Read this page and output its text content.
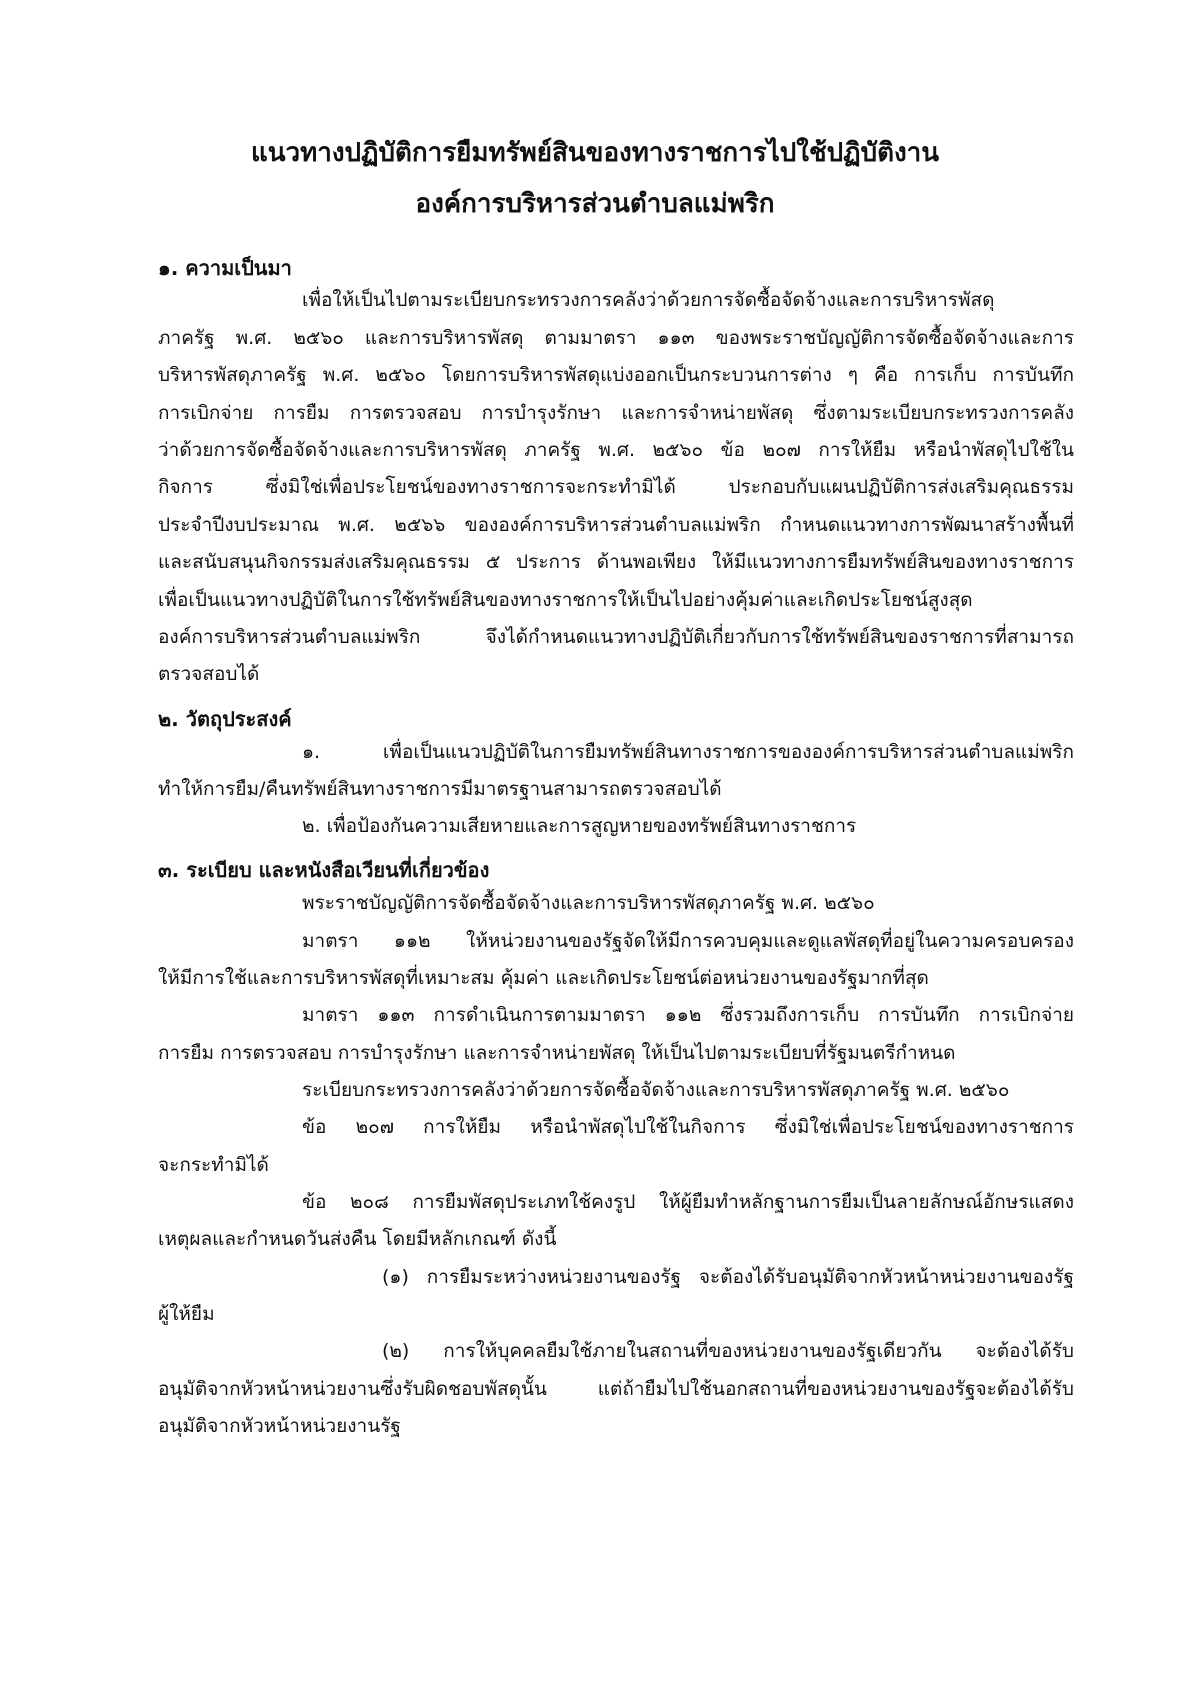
แนวทางปฏิบัติการยืมทรัพย์สินของทางราชการไปใช้ปฏิบัติงาน
องค์การบริหารส่วนตำบลแม่พริก
๑. ความเป็นมา
เพื่อให้เป็นไปตามระเบียบกระทรวงการคลังว่าด้วยการจัดซื้อจัดจ้างและการบริหารพัสดุ
ภาครัฐ พ.ศ. ๒๕๖๐ และการบริหารพัสดุ ตามมาตรา ๑๑๓ ของพระราชบัญญัติการจัดซื้อจัดจ้างและการ
บริหารพัสดุภาครัฐ พ.ศ. ๒๕๖๐ โดยการบริหารพัสดุแบ่งออกเป็นกระบวนการต่าง ๆ คือ การเก็บ การบันทึก
การเบิกจ่าย การยืม การตรวจสอบ การบำรุงรักษา และการจำหน่ายพัสดุ ซึ่งตามระเบียบกระทรวงการคลัง
ว่าด้วยการจัดซื้อจัดจ้างและการบริหารพัสดุ ภาครัฐ พ.ศ. ๒๕๖๐ ข้อ ๒๐๗ การให้ยืม หรือนำพัสดุไปใช้ใน
กิจการ ซึ่งมิใช่เพื่อประโยชน์ของทางราชการจะกระทำมิได้ ประกอบกับแผนปฏิบัติการส่งเสริมคุณธรรม
ประจำปีงบประมาณ พ.ศ. ๒๕๖๖ ขององค์การบริหารส่วนตำบลแม่พริก กำหนดแนวทางการพัฒนาสร้างพื้นที่
และสนับสนุนกิจกรรมส่งเสริมคุณธรรม ๕ ประการ ด้านพอเพียง ให้มีแนวทางการยืมทรัพย์สินของทางราชการ
เพื่อเป็นแนวทางปฏิบัติในการใช้ทรัพย์สินของทางราชการให้เป็นไปอย่างคุ้มค่าและเกิดประโยชน์สูงสุด
องค์การบริหารส่วนตำบลแม่พริก จึงได้กำหนดแนวทางปฏิบัติเกี่ยวกับการใช้ทรัพย์สินของราชการที่สามารถ
ตรวจสอบได้
๒. วัตถุประสงค์
๑. เพื่อเป็นแนวปฏิบัติในการยืมทรัพย์สินทางราชการขององค์การบริหารส่วนตำบลแม่พริก
ทำให้การยืม/คืนทรัพย์สินทางราชการมีมาตรฐานสามารถตรวจสอบได้
๒. เพื่อป้องกันความเสียหายและการสูญหายของทรัพย์สินทางราชการ
๓. ระเบียบ และหนังสือเวียนที่เกี่ยวข้อง
พระราชบัญญัติการจัดซื้อจัดจ้างและการบริหารพัสดุภาครัฐ พ.ศ. ๒๕๖๐
มาตรา ๑๑๒ ให้หน่วยงานของรัฐจัดให้มีการควบคุมและดูแลพัสดุที่อยู่ในความครอบครอง
ให้มีการใช้และการบริหารพัสดุที่เหมาะสม คุ้มค่า และเกิดประโยชน์ต่อหน่วยงานของรัฐมากที่สุด
มาตรา ๑๑๓ การดำเนินการตามมาตรา ๑๑๒ ซึ่งรวมถึงการเก็บ การบันทึก การเบิกจ่าย
การยืม การตรวจสอบ การบำรุงรักษา และการจำหน่ายพัสดุ ให้เป็นไปตามระเบียบที่รัฐมนตรีกำหนด
ระเบียบกระทรวงการคลังว่าด้วยการจัดซื้อจัดจ้างและการบริหารพัสดุภาครัฐ พ.ศ. ๒๕๖๐
ข้อ ๒๐๗ การให้ยืม หรือนำพัสดุไปใช้ในกิจการ ซึ่งมิใช่เพื่อประโยชน์ของทางราชการ
จะกระทำมิได้
ข้อ ๒๐๘ การยืมพัสดุประเภทใช้คงรูป ให้ผู้ยืมทำหลักฐานการยืมเป็นลายลักษณ์อักษรแสดง
เหตุผลและกำหนดวันส่งคืน โดยมีหลักเกณฑ์ ดังนี้
(๑) การยืมระหว่างหน่วยงานของรัฐ จะต้องได้รับอนุมัติจากหัวหน้าหน่วยงานของรัฐ
ผู้ให้ยืม
(๒) การให้บุคคลยืมใช้ภายในสถานที่ของหน่วยงานของรัฐเดียวกัน จะต้องได้รับ
อนุมัติจากหัวหน้าหน่วยงานซึ่งรับผิดชอบพัสดุนั้น แต่ถ้ายืมไปใช้นอกสถานที่ของหน่วยงานของรัฐจะต้องได้รับ
อนุมัติจากหัวหน้าหน่วยงานรัฐ
